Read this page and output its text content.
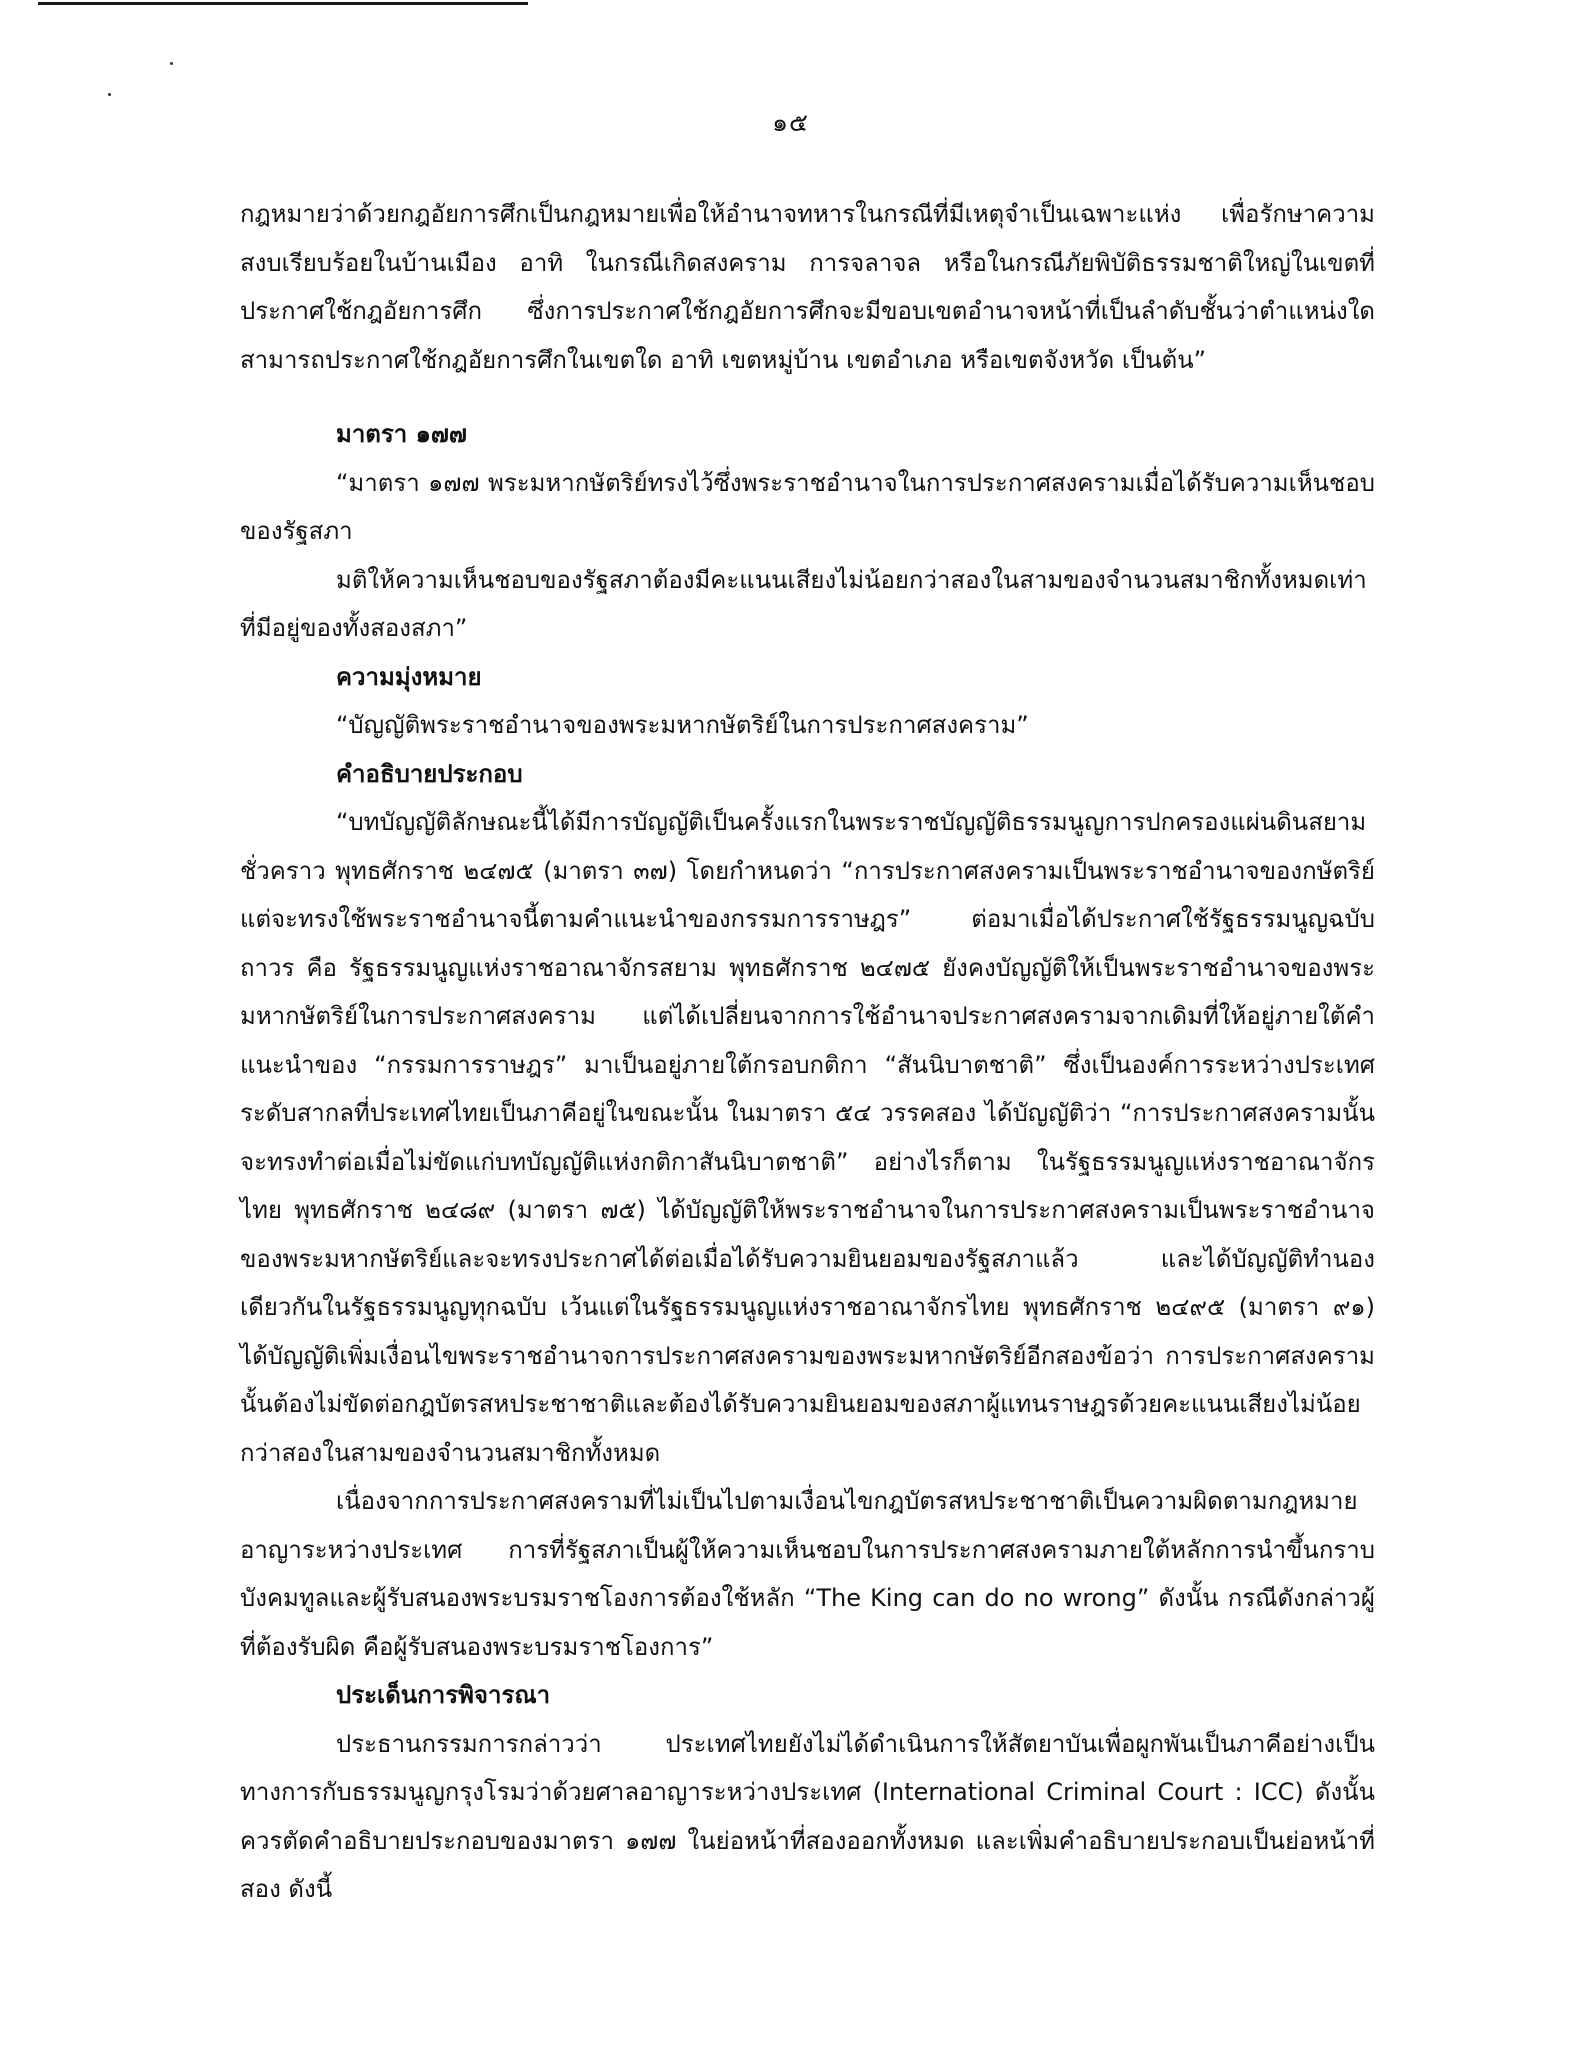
๑๕

กฎหมายว่าด้วยกฎอัยการศึกเป็นกฎหมายเพื่อให้อำนาจทหารในกรณีที่มีเหตุจำเป็นเฉพาะแห่ง เพื่อรักษาความสงบเรียบร้อยในบ้านเมือง อาทิ ในกรณีเกิดสงคราม การจลาจล หรือในกรณีภัยพิบัติธรรมชาติใหญ่ในเขตที่ประกาศใช้กฎอัยการศึก ซึ่งการประกาศใช้กฎอัยการศึกจะมีขอบเขตอำนาจหน้าที่เป็นลำดับชั้นว่าตำแหน่งใดสามารถประกาศใช้กฎอัยการศึกในเขตใด อาทิ เขตหมู่บ้าน เขตอำเภอ หรือเขตจังหวัด เป็นต้น”

มาตรา ๑๗๗

“มาตรา ๑๗๗ พระมหากษัตริย์ทรงไว้ซึ่งพระราชอำนาจในการประกาศสงครามเมื่อได้รับความเห็นชอบของรัฐสภา

มติให้ความเห็นชอบของรัฐสภาต้องมีคะแนนเสียงไม่น้อยกว่าสองในสามของจำนวนสมาชิกทั้งหมดเท่าที่มีอยู่ของทั้งสองสภา”

ความมุ่งหมาย

“บัญญัติพระราชอำนาจของพระมหากษัตริย์ในการประกาศสงคราม”

คำอธิบายประกอบ

“บทบัญญัติลักษณะนี้ได้มีการบัญญัติเป็นครั้งแรกในพระราชบัญญัติธรรมนูญการปกครองแผ่นดินสยามชั่วคราว พุทธศักราช ๒๔๗๕ (มาตรา ๓๗) โดยกำหนดว่า “การประกาศสงครามเป็นพระราชอำนาจของกษัตริย์ แต่จะทรงใช้พระราชอำนาจนี้ตามคำแนะนำของกรรมการราษฎร” ต่อมาเมื่อได้ประกาศใช้รัฐธรรมนูญฉบับถาวร คือ รัฐธรรมนูญแห่งราชอาณาจักรสยาม พุทธศักราช ๒๔๗๕ ยังคงบัญญัติให้เป็นพระราชอำนาจของพระมหากษัตริย์ในการประกาศสงคราม แต่ได้เปลี่ยนจากการใช้อำนาจประกาศสงครามจากเดิมที่ให้อยู่ภายใต้คำแนะนำของ “กรรมการราษฎร” มาเป็นอยู่ภายใต้กรอบกติกา “สันนิบาตชาติ” ซึ่งเป็นองค์การระหว่างประเทศระดับสากลที่ประเทศไทยเป็นภาคีอยู่ในขณะนั้น ในมาตรา ๕๔ วรรคสอง ได้บัญญัติว่า “การประกาศสงครามนั้น จะทรงทำต่อเมื่อไม่ขัดแก่บทบัญญัติแห่งกติกาสันนิบาตชาติ” อย่างไรก็ตาม ในรัฐธรรมนูญแห่งราชอาณาจักรไทย พุทธศักราช ๒๔๘๙ (มาตรา ๗๕) ได้บัญญัติให้พระราชอำนาจในการประกาศสงครามเป็นพระราชอำนาจของพระมหากษัตริย์และจะทรงประกาศได้ต่อเมื่อได้รับความยินยอมของรัฐสภาแล้ว และได้บัญญัติทำนองเดียวกันในรัฐธรรมนูญทุกฉบับ เว้นแต่ในรัฐธรรมนูญแห่งราชอาณาจักรไทย พุทธศักราช ๒๔๙๕ (มาตรา ๙๑) ได้บัญญัติเพิ่มเงื่อนไขพระราชอำนาจการประกาศสงครามของพระมหากษัตริย์อีกสองข้อว่า การประกาศสงครามนั้นต้องไม่ขัดต่อกฎบัตรสหประชาชาติและต้องได้รับความยินยอมของสภาผู้แทนราษฎรด้วยคะแนนเสียงไม่น้อยกว่าสองในสามของจำนวนสมาชิกทั้งหมด

เนื่องจากการประกาศสงครามที่ไม่เป็นไปตามเงื่อนไขกฎบัตรสหประชาชาติเป็นความผิดตามกฎหมายอาญาระหว่างประเทศ การที่รัฐสภาเป็นผู้ให้ความเห็นชอบในการประกาศสงครามภายใต้หลักการนำขึ้นกราบบังคมทูลและผู้รับสนองพระบรมราชโองการต้องใช้หลัก “The King can do no wrong” ดังนั้น กรณีดังกล่าวผู้ที่ต้องรับผิด คือผู้รับสนองพระบรมราชโองการ”

ประเด็นการพิจารณา

ประธานกรรมการกล่าวว่า ประเทศไทยยังไม่ได้ดำเนินการให้สัตยาบันเพื่อผูกพันเป็นภาคีอย่างเป็นทางการกับธรรมนูญกรุงโรมว่าด้วยศาลอาญาระหว่างประเทศ (International Criminal Court : ICC) ดังนั้น ควรตัดคำอธิบายประกอบของมาตรา ๑๗๗ ในย่อหน้าที่สองออกทั้งหมด และเพิ่มคำอธิบายประกอบเป็นย่อหน้าที่สอง ดังนี้
